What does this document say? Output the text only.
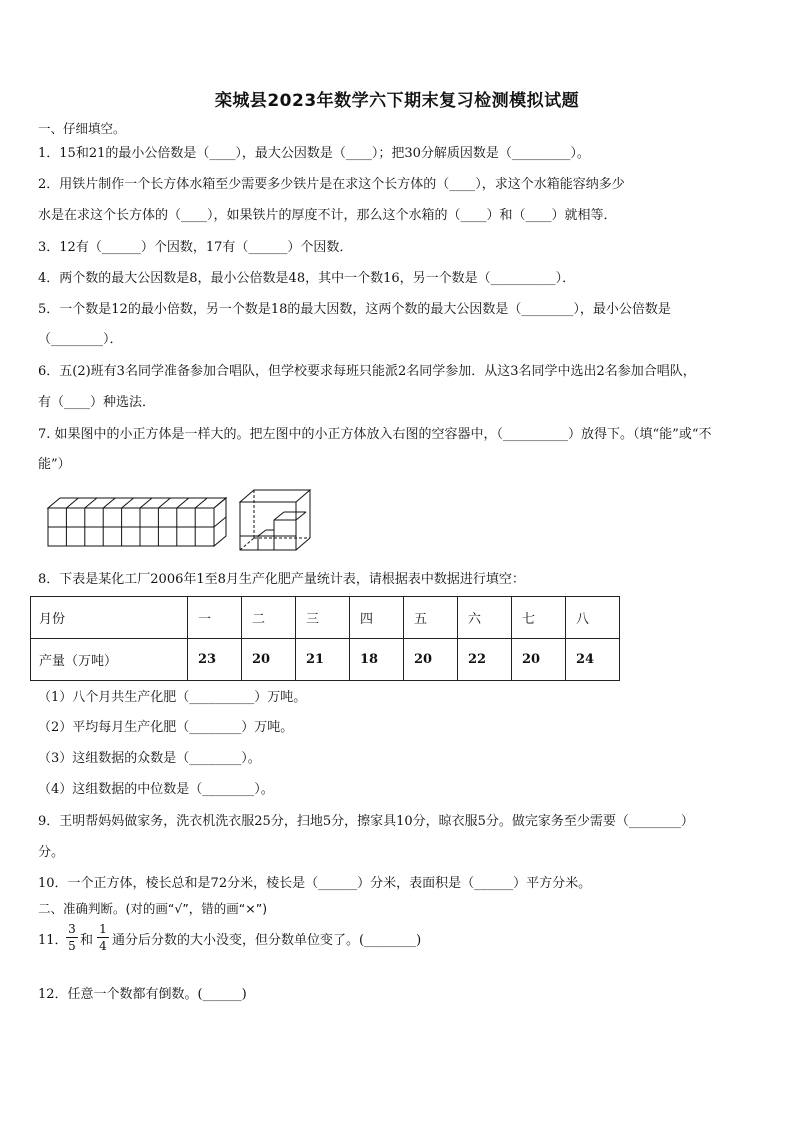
栾城县2023年数学六下期末复习检测模拟试题
一、仔细填空。
1．15和21的最小公倍数是（____），最大公因数是（____）；把30分解质因数是（_________）。
2．用铁片制作一个长方体水箱至少需要多少铁片是在求这个长方体的（____），求这个水箱能容纳多少
水是在求这个长方体的（____），如果铁片的厚度不计，那么这个水箱的（____）和（____）就相等．
3．12有（______）个因数，17有（______）个因数．
4．两个数的最大公因数是8，最小公倍数是48，其中一个数16，另一个数是（__________）．
5．一个数是12的最小倍数，另一个数是18的最大因数，这两个数的最大公因数是（________），最小公倍数是
（________）．
6．五(2)班有3名同学准备参加合唱队，但学校要求每班只能派2名同学参加．从这3名同学中选出2名参加合唱队，
有（____）种选法．
7. 如果图中的小正方体是一样大的。把左图中的小正方体放入右图的空容器中，（__________）放得下。（填“能”或“不
能”）
8．下表是某化工厂2006年1至8月生产化肥产量统计表，请根据表中数据进行填空：
月份	一	二	三	四	五	六	七	八
产量（万吨）	23	20	21	18	20	22	20	24
（1）八个月共生产化肥（__________）万吨。
（2）平均每月生产化肥（________）万吨。
（3）这组数据的众数是（________）。
（4）这组数据的中位数是（________）。
9．王明帮妈妈做家务，洗衣机洗衣服25分，扫地5分，擦家具10分，晾衣服5分。做完家务至少需要（________）
分。
10．一个正方体，棱长总和是72分米，棱长是（______）分米，表面积是（______）平方分米。
二、准确判断。(对的画“√”，错的画“×”)
11．
3
5 和
1
4 通分后分数的大小没变，但分数单位变了。(________)
12．任意一个数都有倒数。(______)
